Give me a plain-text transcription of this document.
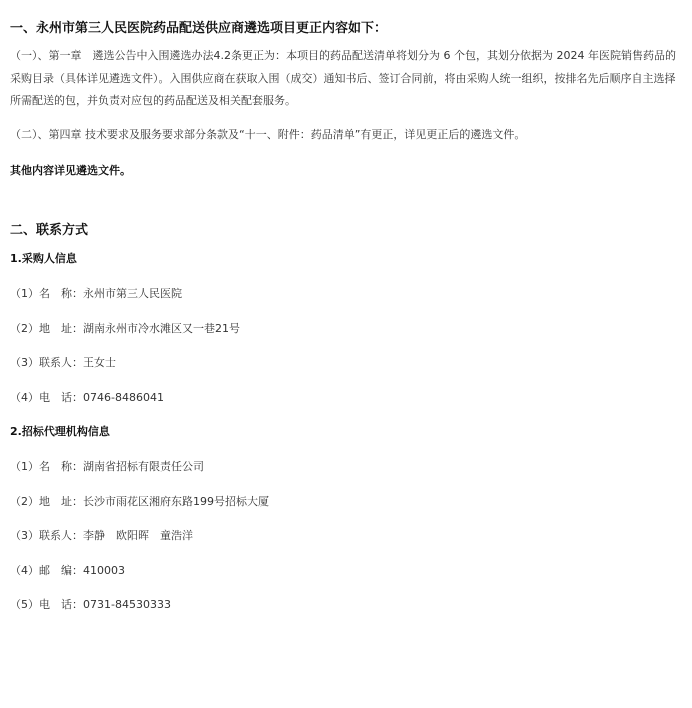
一、永州市第三人民医院药品配送供应商遴选项目更正内容如下：
（一）、第一章　遴选公告中入围遴选办法4.2条更正为：本项目的药品配送清单将划分为 6 个包，其划分依据为 2024 年医院销售药品的采购目录（具体详见遴选文件）。入围供应商在获取入围（成交）通知书后、签订合同前，将由采购人统一组织，按排名先后顺序自主选择所需配送的包，并负责对应包的药品配送及相关配套服务。
（二）、第四章 技术要求及服务要求部分条款及“十一、附件：药品清单”有更正，详见更正后的遴选文件。
其他内容详见遴选文件。
二、联系方式
1.采购人信息
（1）名　称：永州市第三人民医院
（2）地　址：湖南永州市冷水滩区又一巷21号
（3）联系人：王女士
（4）电　话：0746-8486041
2.招标代理机构信息
（1）名　称：湖南省招标有限责任公司
（2）地　址：长沙市雨花区湘府东路199号招标大厦
（3）联系人：李静　欧阳晖　童浩洋
（4）邮　编：410003
（5）电　话：0731-84530333
